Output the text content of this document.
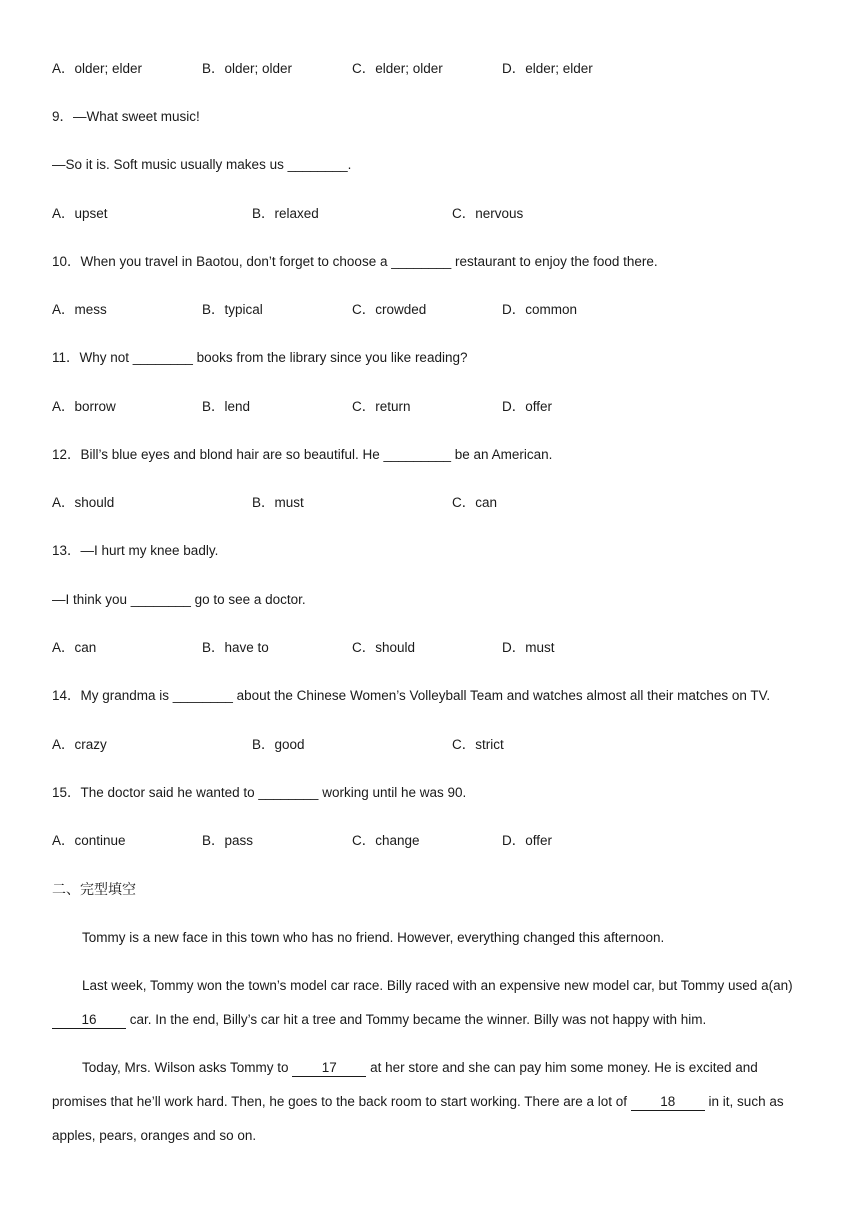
A．older; elder	B．older; older	C．elder; older	D．elder; elder
9．—What sweet music!
—So it is. Soft music usually makes us ________.
A．upset	B．relaxed	C．nervous
10．When you travel in Baotou, don’t forget to choose a ________ restaurant to enjoy the food there.
A．mess	B．typical	C．crowded	D．common
11．Why not ________ books from the library since you like reading?
A．borrow	B．lend	C．return	D．offer
12．Bill’s blue eyes and blond hair are so beautiful. He _________ be an American.
A．should	B．must	C．can
13．—I hurt my knee badly.
—I think you ________ go to see a doctor.
A．can	B．have to	C．should	D．must
14．My grandma is ________ about the Chinese Women’s Volleyball Team and watches almost all their matches on TV.
A．crazy	B．good	C．strict
15．The doctor said he wanted to ________ working until he was 90.
A．continue	B．pass	C．change	D．offer
二、完型填空
Tommy is a new face in this town who has no friend. However, everything changed this afternoon.
Last week, Tommy won the town’s model car race. Billy raced with an expensive new model car, but Tommy used a(an)
16 car. In the end, Billy’s car hit a tree and Tommy became the winner. Billy was not happy with him.
Today, Mrs. Wilson asks Tommy to 17 at her store and she can pay him some money. He is excited and
promises that he’ll work hard. Then, he goes to the back room to start working. There are a lot of 18 in it, such as
apples, pears, oranges and so on.
